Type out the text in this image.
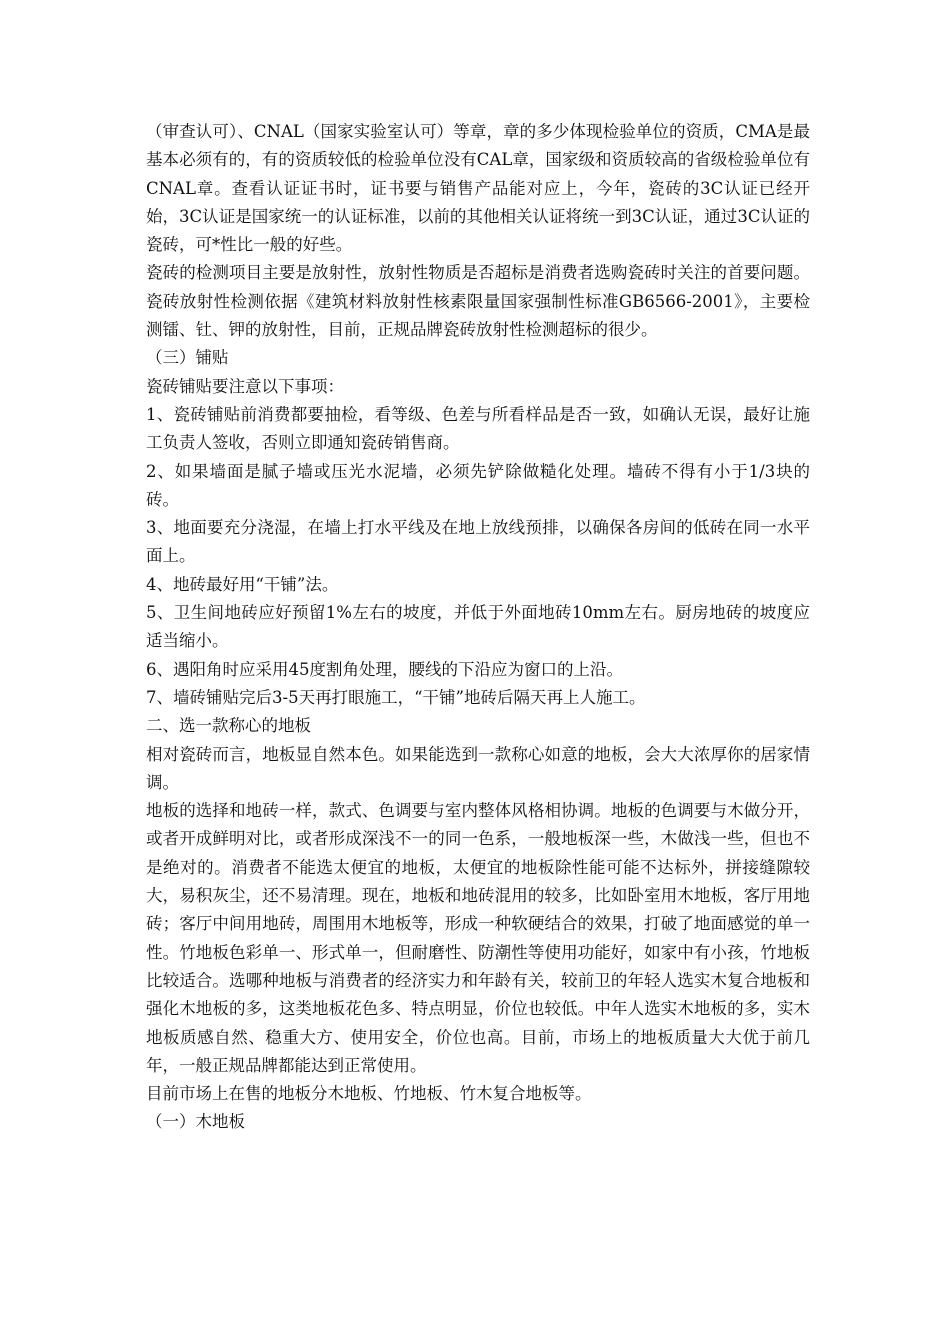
（审查认可）、CNAL（国家实验室认可）等章，章的多少体现检验单位的资质，CMA是最基本必须有的，有的资质较低的检验单位没有CAL章，国家级和资质较高的省级检验单位有CNAL章。查看认证证书时，证书要与销售产品能对应上，今年，瓷砖的3C认证已经开始，3C认证是国家统一的认证标准，以前的其他相关认证将统一到3C认证，通过3C认证的瓷砖，可*性比一般的好些。

瓷砖的检测项目主要是放射性，放射性物质是否超标是消费者选购瓷砖时关注的首要问题。瓷砖放射性检测依据《建筑材料放射性核素限量国家强制性标准GB6566-2001》，主要检测镭、钍、钾的放射性，目前，正规品牌瓷砖放射性检测超标的很少。

（三）铺贴

瓷砖铺贴要注意以下事项：

1、瓷砖铺贴前消费都要抽检，看等级、色差与所看样品是否一致，如确认无误，最好让施工负责人签收，否则立即通知瓷砖销售商。

2、如果墙面是腻子墙或压光水泥墙，必须先铲除做糙化处理。墙砖不得有小于1/3块的砖。

3、地面要充分浇湿，在墙上打水平线及在地上放线预排，以确保各房间的低砖在同一水平面上。

4、地砖最好用“干铺”法。

5、卫生间地砖应好预留1%左右的坡度，并低于外面地砖10mm左右。厨房地砖的坡度应适当缩小。

6、遇阳角时应采用45度割角处理，腰线的下沿应为窗口的上沿。

7、墙砖铺贴完后3-5天再打眼施工，“干铺”地砖后隔天再上人施工。

二、选一款称心的地板

相对瓷砖而言，地板显自然本色。如果能选到一款称心如意的地板，会大大浓厚你的居家情调。

地板的选择和地砖一样，款式、色调要与室内整体风格相协调。地板的色调要与木做分开，或者开成鲜明对比，或者形成深浅不一的同一色系，一般地板深一些，木做浅一些，但也不是绝对的。消费者不能选太便宜的地板，太便宜的地板除性能可能不达标外，拼接缝隙较大，易积灰尘，还不易清理。现在，地板和地砖混用的较多，比如卧室用木地板，客厅用地砖；客厅中间用地砖，周围用木地板等，形成一种软硬结合的效果，打破了地面感觉的单一性。竹地板色彩单一、形式单一，但耐磨性、防潮性等使用功能好，如家中有小孩，竹地板比较适合。选哪种地板与消费者的经济实力和年龄有关，较前卫的年轻人选实木复合地板和强化木地板的多，这类地板花色多、特点明显，价位也较低。中年人选实木地板的多，实木地板质感自然、稳重大方、使用安全，价位也高。目前，市场上的地板质量大大优于前几年，一般正规品牌都能达到正常使用。

目前市场上在售的地板分木地板、竹地板、竹木复合地板等。

（一）木地板
